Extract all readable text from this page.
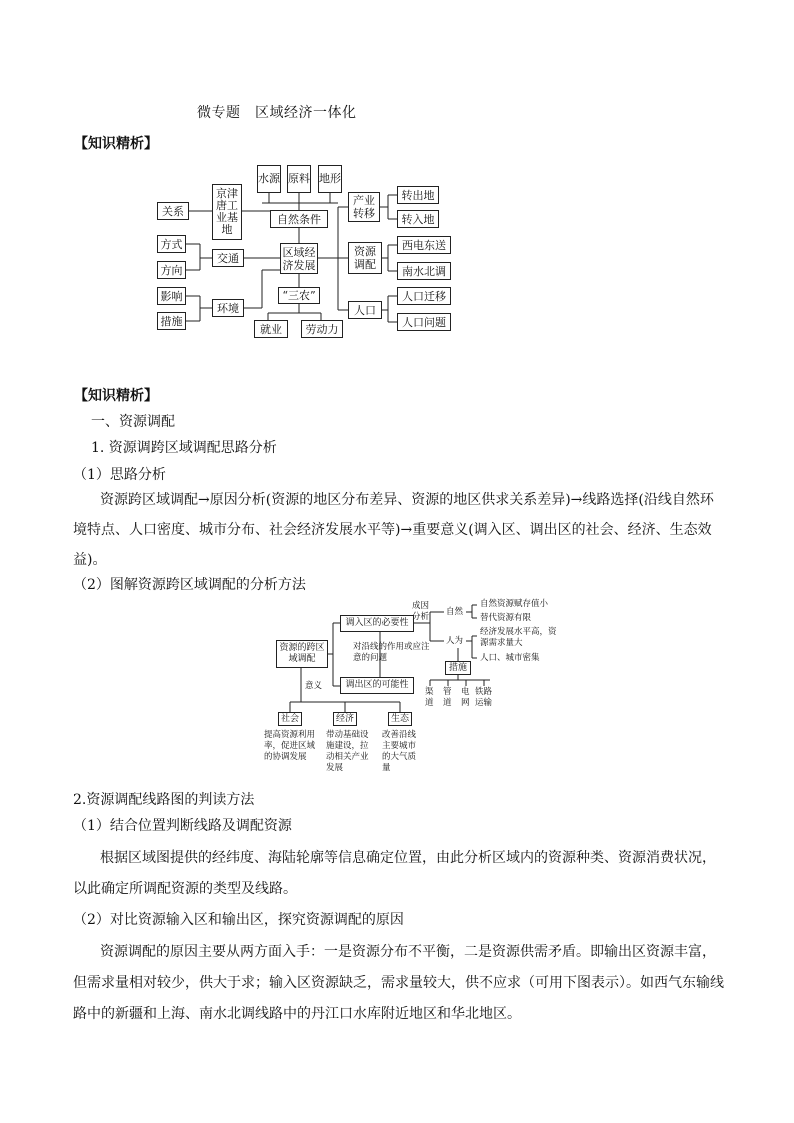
微专题　区域经济一体化
【知识精析】
水源 原料 地形
关系
京津唐工业基地
自然条件
产业转移
转出地
转入地
方式
方向
交通	区域经济发展
资源调配
西电东送
南水北调
影响
措施
环境
“三农”
人口
人口迁移
人口问题
就业	劳动力
【知识精析】
一、资源调配
1. 资源调跨区域调配思路分析
（1）思路分析
资源跨区域调配→原因分析(资源的地区分布差异、资源的地区供求关系差异)→线路选择(沿线自然环
境特点、人口密度、城市分布、社会经济发展水平等)→重要意义(调入区、调出区的社会、经济、生态效
益)。
（2）图解资源跨区域调配的分析方法
资源的跨区域调配
调入区的必要性
调出区的可能性
对沿线的作用或应注意的问题
成因分析	自然
自然资源赋存值小
替代资源有限
人为
经济发展水平高，资源需求量大
人口、城市密集
措施
渠道
管道
电网
铁路运输
意义
社会	经济	生态
提高资源利用率，促进区域的协调发展
带动基础设施建设，拉动相关产业发展
改善沿线主要城市的大气质量
2.资源调配线路图的判读方法
（1）结合位置判断线路及调配资源
根据区域图提供的经纬度、海陆轮廓等信息确定位置，由此分析区域内的资源种类、资源消费状况，
以此确定所调配资源的类型及线路。
（2）对比资源输入区和输出区，探究资源调配的原因
资源调配的原因主要从两方面入手：一是资源分布不平衡，二是资源供需矛盾。即输出区资源丰富，
但需求量相对较少，供大于求；输入区资源缺乏，需求量较大，供不应求（可用下图表示）。如西气东输线
路中的新疆和上海、南水北调线路中的丹江口水库附近地区和华北地区。
